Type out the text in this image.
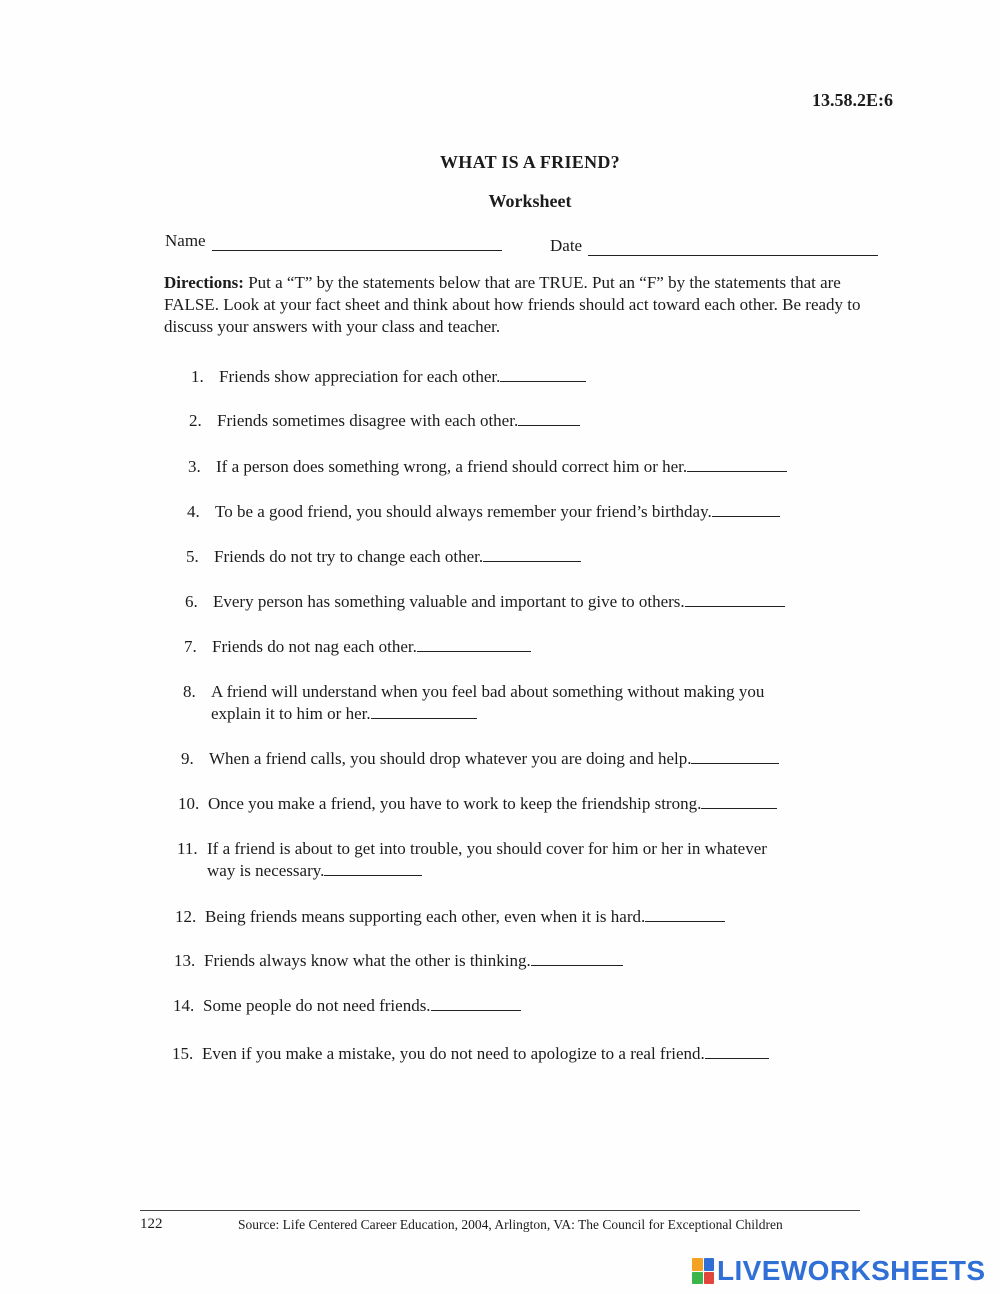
13.58.2E:6
WHAT IS A FRIEND?
Worksheet
Name	Date
Directions: Put a “T” by the statements below that are TRUE. Put an “F” by the statements that are FALSE. Look at your fact sheet and think about how friends should act toward each other. Be ready to discuss your answers with your class and teacher.
1. Friends show appreciation for each other.
2. Friends sometimes disagree with each other.
3. If a person does something wrong, a friend should correct him or her.
4. To be a good friend, you should always remember your friend’s birthday.
5. Friends do not try to change each other.
6. Every person has something valuable and important to give to others.
7. Friends do not nag each other.
8. A friend will understand when you feel bad about something without making you
explain it to him or her.
9. When a friend calls, you should drop whatever you are doing and help.
10. Once you make a friend, you have to work to keep the friendship strong.
11. If a friend is about to get into trouble, you should cover for him or her in whatever
way is necessary.
12. Being friends means supporting each other, even when it is hard.
13. Friends always know what the other is thinking.
14. Some people do not need friends.
15. Even if you make a mistake, you do not need to apologize to a real friend.
122	Source: Life Centered Career Education, 2004, Arlington, VA: The Council for Exceptional Children
LIVEWORKSHEETS
